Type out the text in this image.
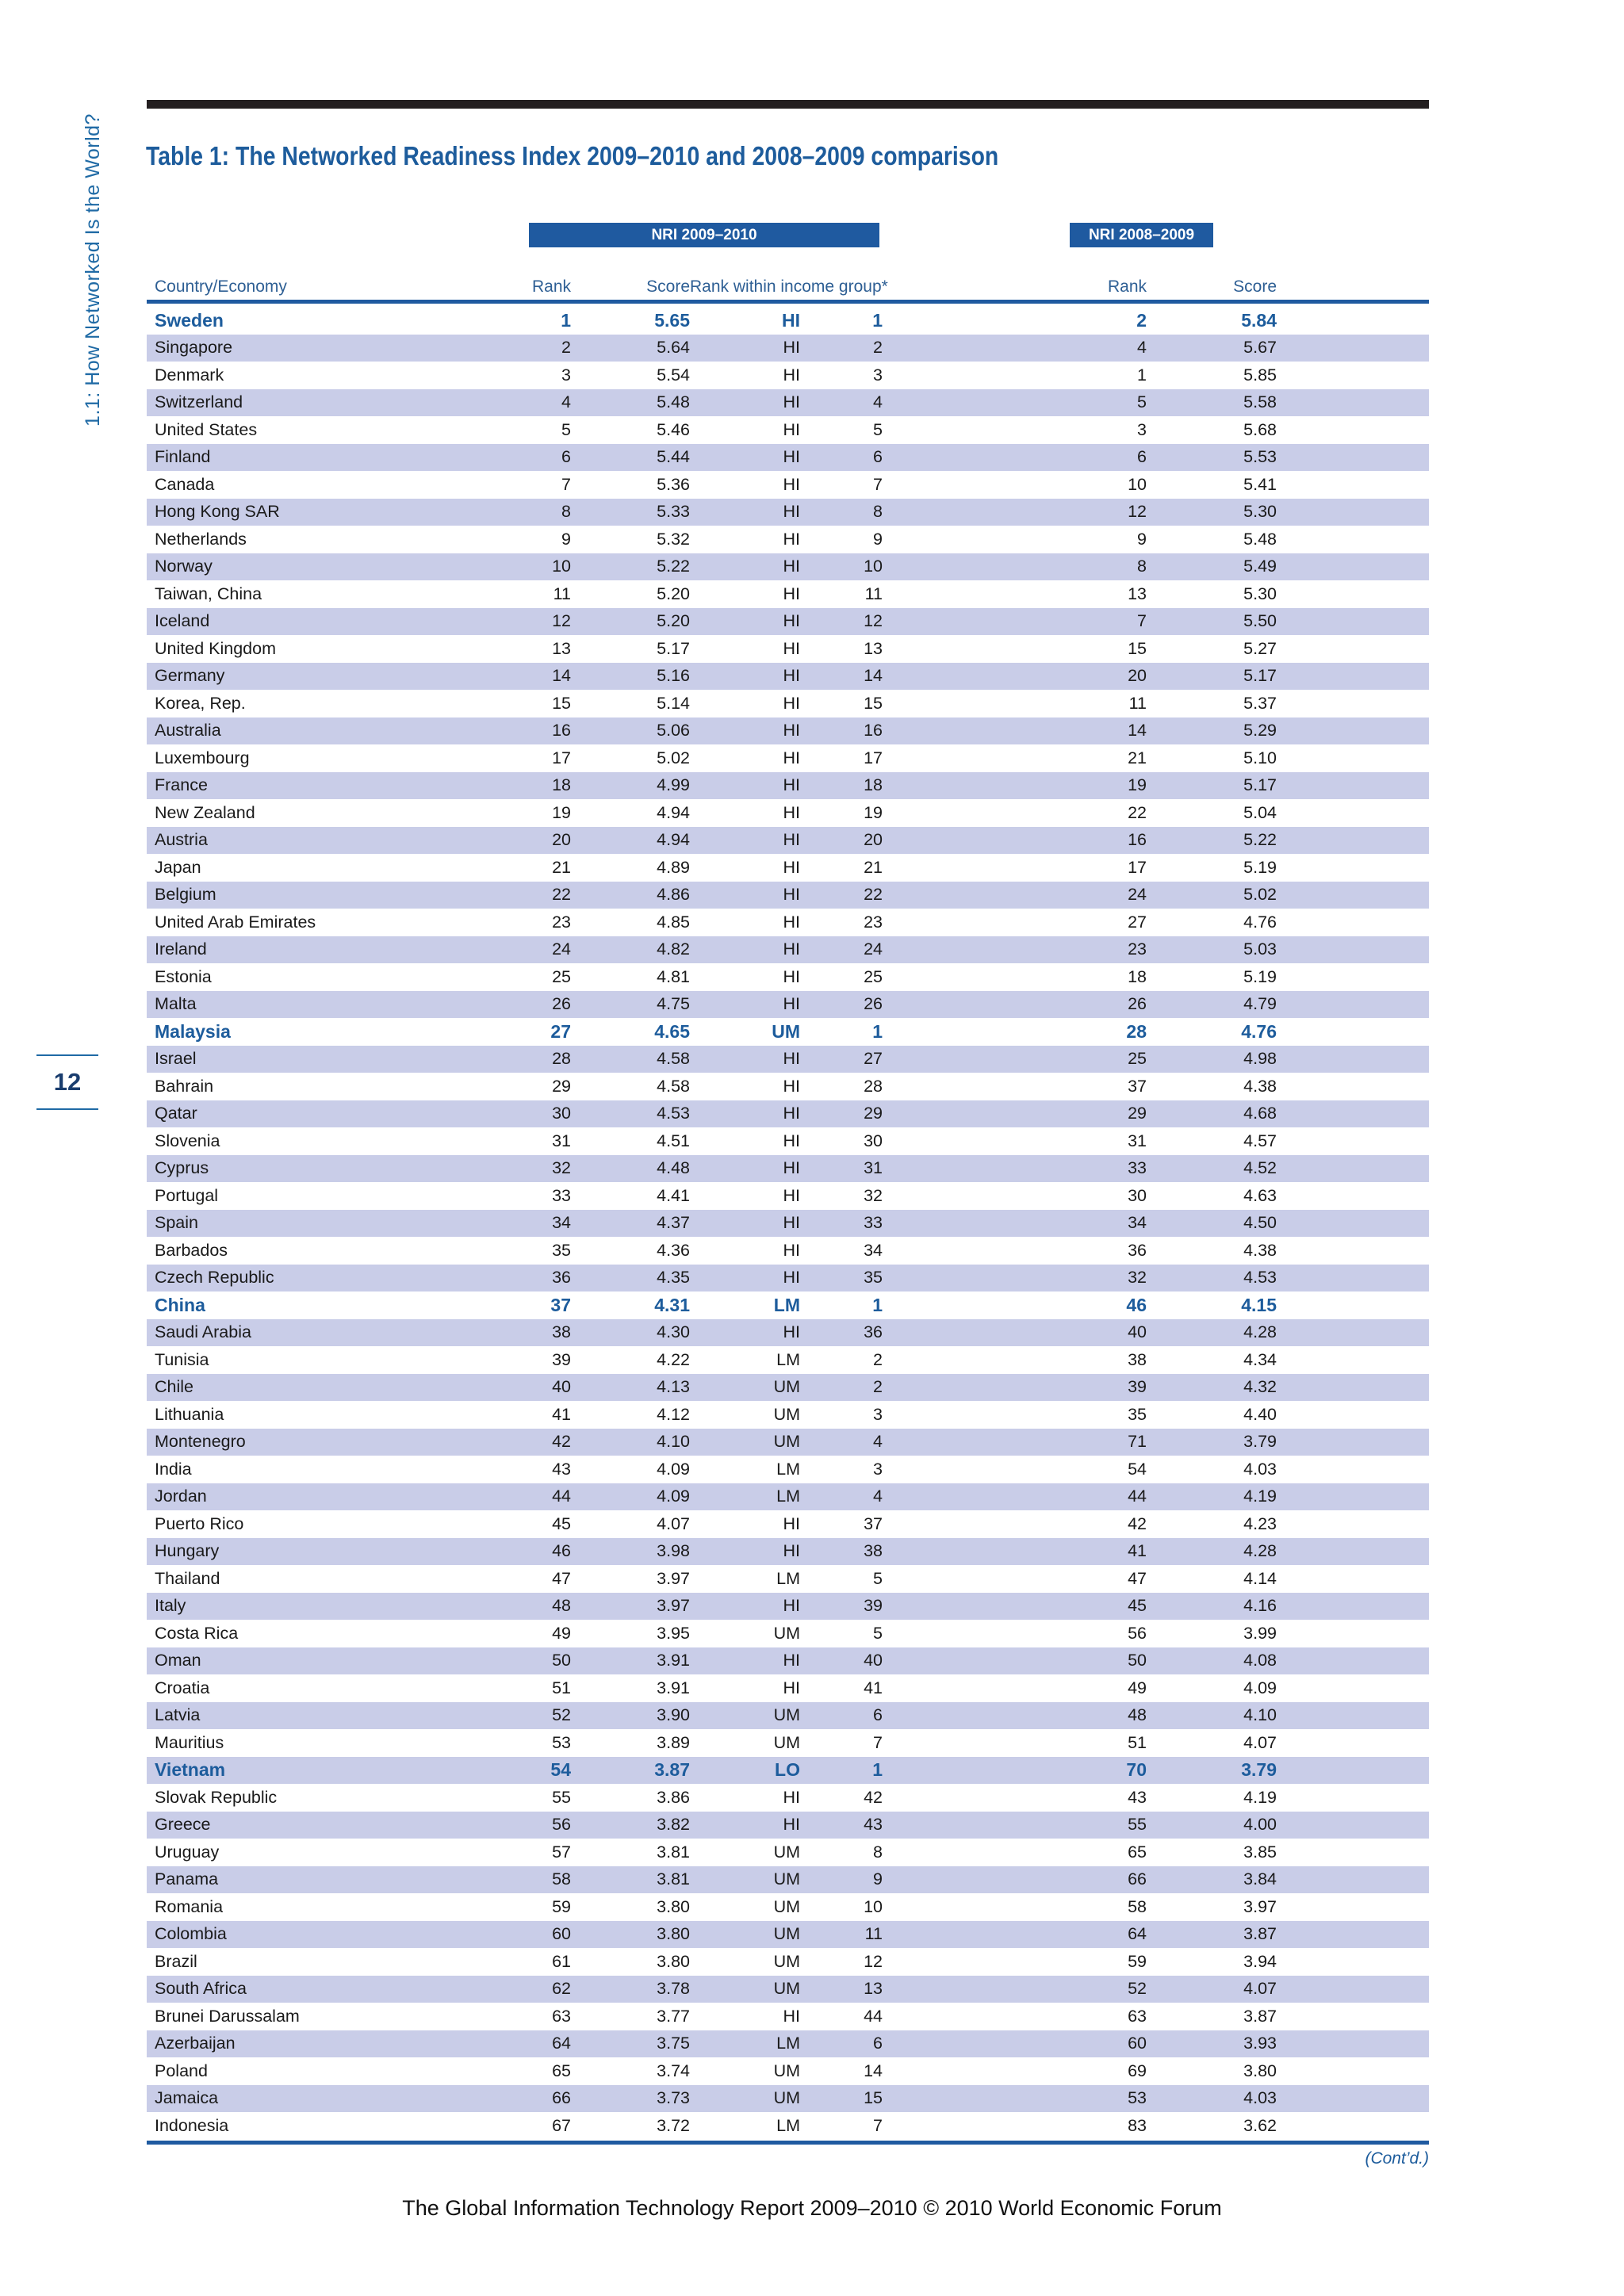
1.1: How Networked Is the World?
12
Table 1: The Networked Readiness Index 2009–2010 and 2008–2009 comparison
NRI 2009–2010	NRI 2008–2009
Country/Economy	Rank	Score Rank within income group*	Rank	Score
Sweden	1	5.65	HI	1	2	5.84
Singapore	2	5.64	HI	2	4	5.67
Denmark	3	5.54	HI	3	1	5.85
Switzerland	4	5.48	HI	4	5	5.58
United States	5	5.46	HI	5	3	5.68
Finland	6	5.44	HI	6	6	5.53
Canada	7	5.36	HI	7	10	5.41
Hong Kong SAR	8	5.33	HI	8	12	5.30
Netherlands	9	5.32	HI	9	9	5.48
Norway	10	5.22	HI	10	8	5.49
Taiwan, China	11	5.20	HI	11	13	5.30
Iceland	12	5.20	HI	12	7	5.50
United Kingdom	13	5.17	HI	13	15	5.27
Germany	14	5.16	HI	14	20	5.17
Korea, Rep.	15	5.14	HI	15	11	5.37
Australia	16	5.06	HI	16	14	5.29
Luxembourg	17	5.02	HI	17	21	5.10
France	18	4.99	HI	18	19	5.17
New Zealand	19	4.94	HI	19	22	5.04
Austria	20	4.94	HI	20	16	5.22
Japan	21	4.89	HI	21	17	5.19
Belgium	22	4.86	HI	22	24	5.02
United Arab Emirates	23	4.85	HI	23	27	4.76
Ireland	24	4.82	HI	24	23	5.03
Estonia	25	4.81	HI	25	18	5.19
Malta	26	4.75	HI	26	26	4.79
Malaysia	27	4.65	UM	1	28	4.76
Israel	28	4.58	HI	27	25	4.98
Bahrain	29	4.58	HI	28	37	4.38
Qatar	30	4.53	HI	29	29	4.68
Slovenia	31	4.51	HI	30	31	4.57
Cyprus	32	4.48	HI	31	33	4.52
Portugal	33	4.41	HI	32	30	4.63
Spain	34	4.37	HI	33	34	4.50
Barbados	35	4.36	HI	34	36	4.38
Czech Republic	36	4.35	HI	35	32	4.53
China	37	4.31	LM	1	46	4.15
Saudi Arabia	38	4.30	HI	36	40	4.28
Tunisia	39	4.22	LM	2	38	4.34
Chile	40	4.13	UM	2	39	4.32
Lithuania	41	4.12	UM	3	35	4.40
Montenegro	42	4.10	UM	4	71	3.79
India	43	4.09	LM	3	54	4.03
Jordan	44	4.09	LM	4	44	4.19
Puerto Rico	45	4.07	HI	37	42	4.23
Hungary	46	3.98	HI	38	41	4.28
Thailand	47	3.97	LM	5	47	4.14
Italy	48	3.97	HI	39	45	4.16
Costa Rica	49	3.95	UM	5	56	3.99
Oman	50	3.91	HI	40	50	4.08
Croatia	51	3.91	HI	41	49	4.09
Latvia	52	3.90	UM	6	48	4.10
Mauritius	53	3.89	UM	7	51	4.07
Vietnam	54	3.87	LO	1	70	3.79
Slovak Republic	55	3.86	HI	42	43	4.19
Greece	56	3.82	HI	43	55	4.00
Uruguay	57	3.81	UM	8	65	3.85
Panama	58	3.81	UM	9	66	3.84
Romania	59	3.80	UM	10	58	3.97
Colombia	60	3.80	UM	11	64	3.87
Brazil	61	3.80	UM	12	59	3.94
South Africa	62	3.78	UM	13	52	4.07
Brunei Darussalam	63	3.77	HI	44	63	3.87
Azerbaijan	64	3.75	LM	6	60	3.93
Poland	65	3.74	UM	14	69	3.80
Jamaica	66	3.73	UM	15	53	4.03
Indonesia	67	3.72	LM	7	83	3.62
(Cont’d.)
The Global Information Technology Report 2009–2010 © 2010 World Economic Forum
